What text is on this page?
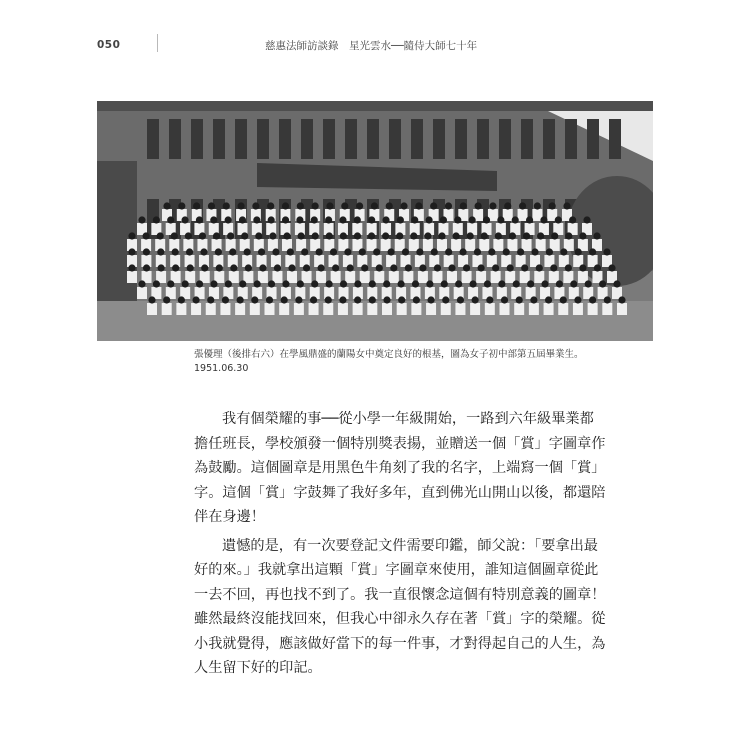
050	慈惠法師訪談錄　星光雲水──隨侍大師七十年

張優理（後排右六）在學風鼎盛的蘭陽女中奠定良好的根基，圖為女子初中部第五屆畢業生。

1951.06.30

我有個榮耀的事──從小學一年級開始，一路到六年級畢業都
擔任班長，學校頒發一個特別獎表揚，並贈送一個「賞」字圖章作
為鼓勵。這個圖章是用黑色牛角刻了我的名字，上端寫一個「賞」
字。這個「賞」字鼓舞了我好多年，直到佛光山開山以後，都還陪
伴在身邊！

遺憾的是，有一次要登記文件需要印鑑，師父說：「要拿出最
好的來。」我就拿出這顆「賞」字圖章來使用，誰知這個圖章從此
一去不回，再也找不到了。我一直很懷念這個有特別意義的圖章！
雖然最終沒能找回來，但我心中卻永久存在著「賞」字的榮耀。從
小我就覺得，應該做好當下的每一件事，才對得起自己的人生，為
人生留下好的印記。
